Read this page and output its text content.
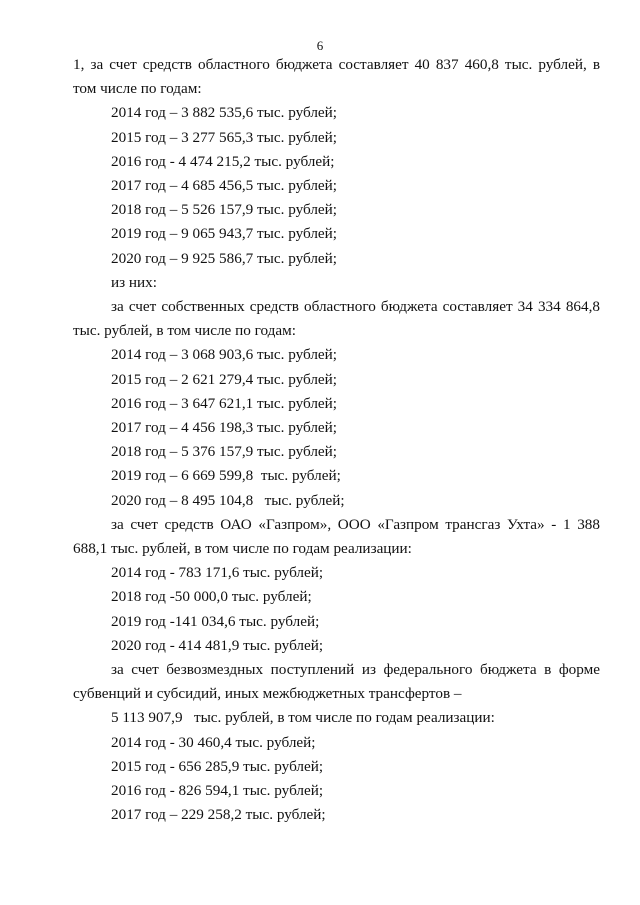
6

1, за счет средств областного бюджета составляет 40 837 460,8 тыс. рублей, в

том числе по годам:

2014 год – 3 882 535,6 тыс. рублей;

2015 год – 3 277 565,3 тыс. рублей;

2016 год - 4 474 215,2 тыс. рублей;

2017 год – 4 685 456,5 тыс. рублей;

2018 год – 5 526 157,9 тыс. рублей;

2019 год – 9 065 943,7 тыс. рублей;

2020 год – 9 925 586,7 тыс. рублей;

из них:

за счет собственных средств областного бюджета составляет 34 334 864,8

тыс. рублей, в том числе по годам:

2014 год – 3 068 903,6 тыс. рублей;

2015 год – 2 621 279,4 тыс. рублей;

2016 год – 3 647 621,1 тыс. рублей;

2017 год – 4 456 198,3 тыс. рублей;

2018 год – 5 376 157,9 тыс. рублей;

2019 год – 6 669 599,8  тыс. рублей;

2020 год – 8 495 104,8   тыс. рублей;

за счет средств ОАО «Газпром», ООО «Газпром трансгаз Ухта» - 1 388

688,1 тыс. рублей, в том числе по годам реализации:

2014 год - 783 171,6 тыс. рублей;

2018 год -50 000,0 тыс. рублей;

2019 год -141 034,6 тыс. рублей;

2020 год - 414 481,9 тыс. рублей;

за счет безвозмездных поступлений из федерального бюджета в форме

субвенций и субсидий, иных межбюджетных трансфертов –

5 113 907,9   тыс. рублей, в том числе по годам реализации:

2014 год - 30 460,4 тыс. рублей;

2015 год - 656 285,9 тыс. рублей;

2016 год - 826 594,1 тыс. рублей;

2017 год – 229 258,2 тыс. рублей;
